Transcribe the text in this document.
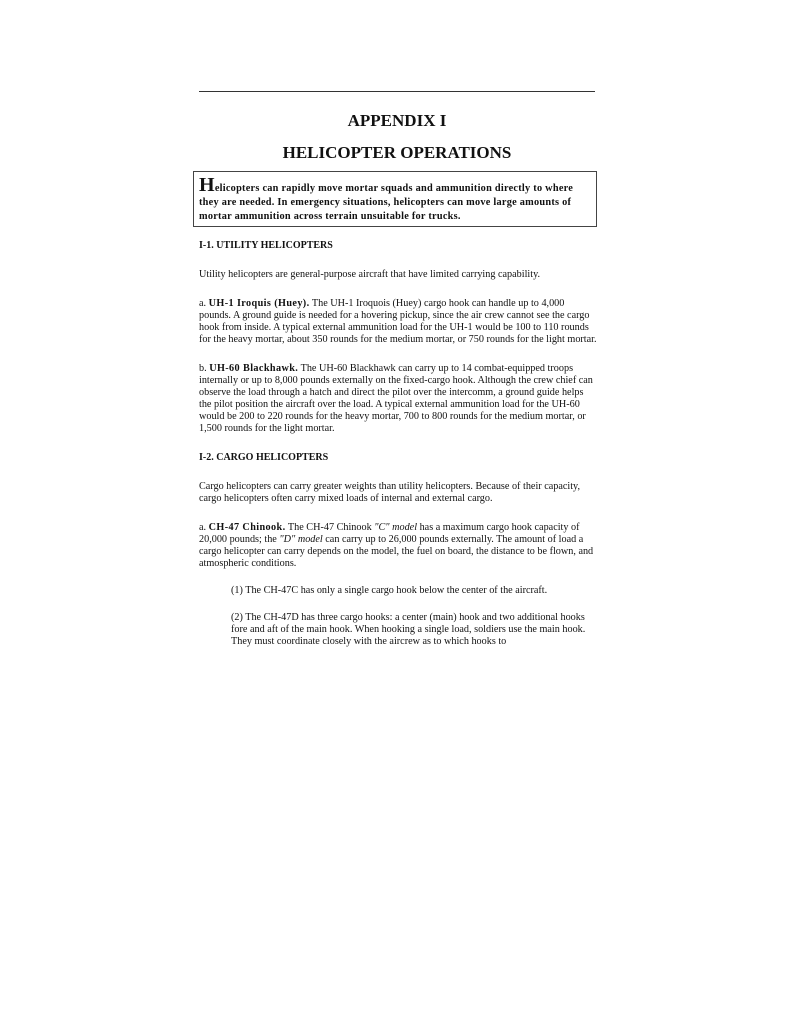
APPENDIX I
HELICOPTER OPERATIONS
Helicopters can rapidly move mortar squads and ammunition directly to where they are needed. In emergency situations, helicopters can move large amounts of mortar ammunition across terrain unsuitable for trucks.

I-1. UTILITY HELICOPTERS

Utility helicopters are general-purpose aircraft that have limited carrying capability.

a. UH-1 Iroquis (Huey). The UH-1 Iroquois (Huey) cargo hook can handle up to 4,000 pounds. A ground guide is needed for a hovering pickup, since the air crew cannot see the cargo hook from inside. A typical external ammunition load for the UH-1 would be 100 to 110 rounds for the heavy mortar, about 350 rounds for the medium mortar, or 750 rounds for the light mortar.

b. UH-60 Blackhawk. The UH-60 Blackhawk can carry up to 14 combat-equipped troops internally or up to 8,000 pounds externally on the fixed-cargo hook. Although the crew chief can observe the load through a hatch and direct the pilot over the intercomm, a ground guide helps the pilot position the aircraft over the load. A typical external ammunition load for the UH-60 would be 200 to 220 rounds for the heavy mortar, 700 to 800 rounds for the medium mortar, or 1,500 rounds for the light mortar.

I-2. CARGO HELICOPTERS

Cargo helicopters can carry greater weights than utility helicopters. Because of their capacity, cargo helicopters often carry mixed loads of internal and external cargo.

a. CH-47 Chinook. The CH-47 Chinook "C" model has a maximum cargo hook capacity of 20,000 pounds; the "D" model can carry up to 26,000 pounds externally. The amount of load a cargo helicopter can carry depends on the model, the fuel on board, the distance to be flown, and atmospheric conditions.

(1) The CH-47C has only a single cargo hook below the center of the aircraft.

(2) The CH-47D has three cargo hooks: a center (main) hook and two additional hooks fore and aft of the main hook. When hooking a single load, soldiers use the main hook. They must coordinate closely with the aircrew as to which hooks to
